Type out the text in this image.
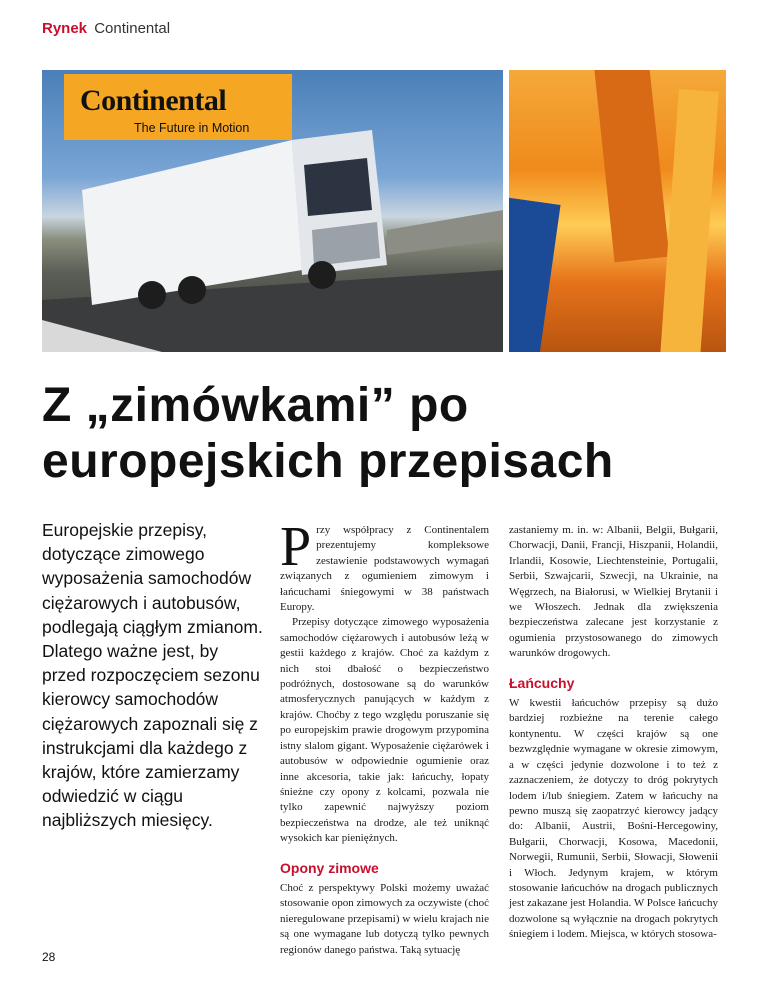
Rynek Continental
Continental
The Future in Motion
Z „zimówkami” po
europejskich przepisach

Europejskie przepisy, dotyczące zimowego wyposażenia samochodów ciężarowych i autobusów, podlegają ciągłym zmianom. Dlatego ważne jest, by przed rozpoczęciem sezonu kierowcy samochodów ciężarowych zapoznali się z instrukcjami dla każdego z krajów, które zamierzamy odwiedzić w ciągu najbliższych miesięcy.

Przy współpracy z Continentalem prezentujemy kompleksowe zestawienie podstawowych wymagań związanych z ogumieniem zimowym i łańcuchami śniegowymi w 38 państwach Europy.

Przepisy dotyczące zimowego wyposażenia samochodów ciężarowych i autobusów leżą w gestii każdego z krajów. Choć za każdym z nich stoi dbałość o bezpieczeństwo podróżnych, dostosowane są do warunków atmosferycznych panujących w każdym z krajów. Choćby z tego względu poruszanie się po europejskim prawie drogowym przypomina istny slalom gigant. Wyposażenie ciężarówek i autobusów w odpowiednie ogumienie oraz inne akcesoria, takie jak: łańcuchy, łopaty śnieżne czy opony z kolcami, pozwala nie tylko zapewnić najwyższy poziom bezpieczeństwa na drodze, ale też uniknąć wysokich kar pieniężnych.

Opony zimowe

Choć z perspektywy Polski możemy uważać stosowanie opon zimowych za oczywiste (choć nieregulowane przepisami) w wielu krajach nie są one wymagane lub dotyczą tylko pewnych regionów danego państwa. Taką sytuację

zastaniemy m. in. w: Albanii, Belgii, Bułgarii, Chorwacji, Danii, Francji, Hiszpanii, Holandii, Irlandii, Kosowie, Liechtensteinie, Portugalii, Serbii, Szwajcarii, Szwecji, na Ukrainie, na Węgrzech, na Białorusi, w Wielkiej Brytanii i we Włoszech. Jednak dla zwiększenia bezpieczeństwa zalecane jest korzystanie z ogumienia przystosowanego do zimowych warunków drogowych.

Łańcuchy

W kwestii łańcuchów przepisy są dużo bardziej rozbieżne na terenie całego kontynentu. W części krajów są one bezwzględnie wymagane w okresie zimowym, a w części jedynie dozwolone i to też z zaznaczeniem, że dotyczy to dróg pokrytych lodem i/lub śniegiem. Zatem w łańcuchy na pewno muszą się zaopatrzyć kierowcy jadący do: Albanii, Austrii, Bośni-Hercegowiny, Bułgarii, Chorwacji, Kosowa, Macedonii, Norwegii, Rumunii, Serbii, Słowacji, Słowenii i Włoch. Jedynym krajem, w którym stosowanie łańcuchów na drogach publicznych jest zakazane jest Holandia. W Polsce łańcuchy dozwolone są wyłącznie na drogach pokrytych śniegiem i lodem. Miejsca, w których stosowa-

28
